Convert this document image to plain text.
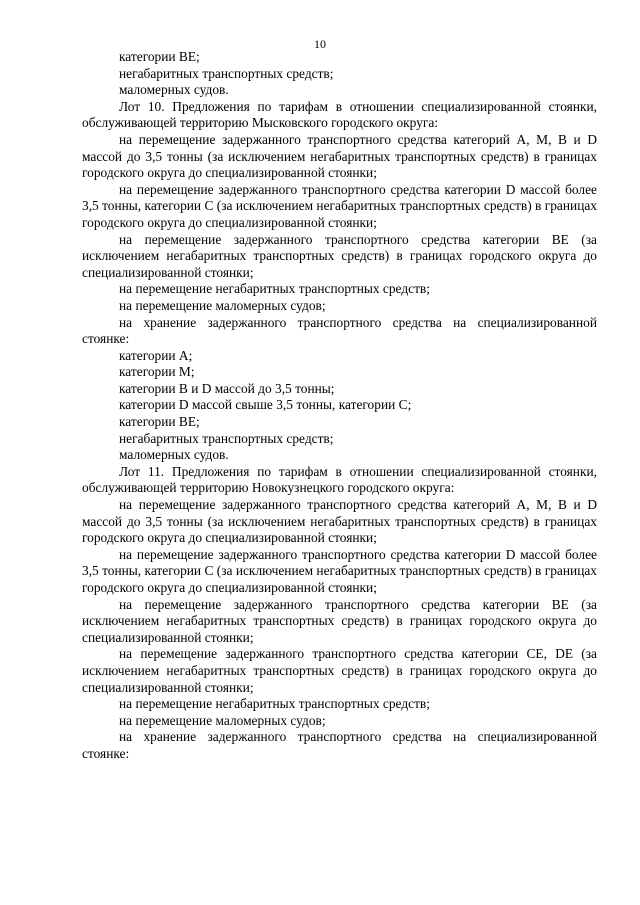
10

категории ВЕ;

негабаритных транспортных средств;

маломерных судов.

Лот 10. Предложения по тарифам в отношении специализированной стоянки, обслуживающей территорию Мысковского городского округа:

на перемещение задержанного транспортного средства категорий А, М, В и D массой до 3,5 тонны (за исключением негабаритных транспортных средств) в границах городского округа до специализированной стоянки;

на перемещение задержанного транспортного средства категории D массой более 3,5 тонны, категории С (за исключением негабаритных транспортных средств) в границах городского округа до специализированной стоянки;

на перемещение задержанного транспортного средства категории ВЕ (за исключением негабаритных транспортных средств) в границах городского округа до специализированной стоянки;

на перемещение негабаритных транспортных средств;

на перемещение маломерных судов;

на хранение задержанного транспортного средства на специализированной стоянке:

категории А;

категории М;

категории В и D массой до 3,5 тонны;

категории D массой свыше 3,5 тонны, категории С;

категории ВЕ;

негабаритных транспортных средств;

маломерных судов.

Лот 11. Предложения по тарифам в отношении специализированной стоянки, обслуживающей территорию Новокузнецкого городского округа:

на перемещение задержанного транспортного средства категорий А, М, В и D массой до 3,5 тонны (за исключением негабаритных транспортных средств) в границах городского округа до специализированной стоянки;

на перемещение задержанного транспортного средства категории D массой более 3,5 тонны, категории С (за исключением негабаритных транспортных средств) в границах городского округа до специализированной стоянки;

на перемещение задержанного транспортного средства категории ВЕ (за исключением негабаритных транспортных средств) в границах городского округа до специализированной стоянки;

на перемещение задержанного транспортного средства категории СЕ, DE (за исключением негабаритных транспортных средств) в границах городского округа до специализированной стоянки;

на перемещение негабаритных транспортных средств;

на перемещение маломерных судов;

на хранение задержанного транспортного средства на специализированной стоянке:
